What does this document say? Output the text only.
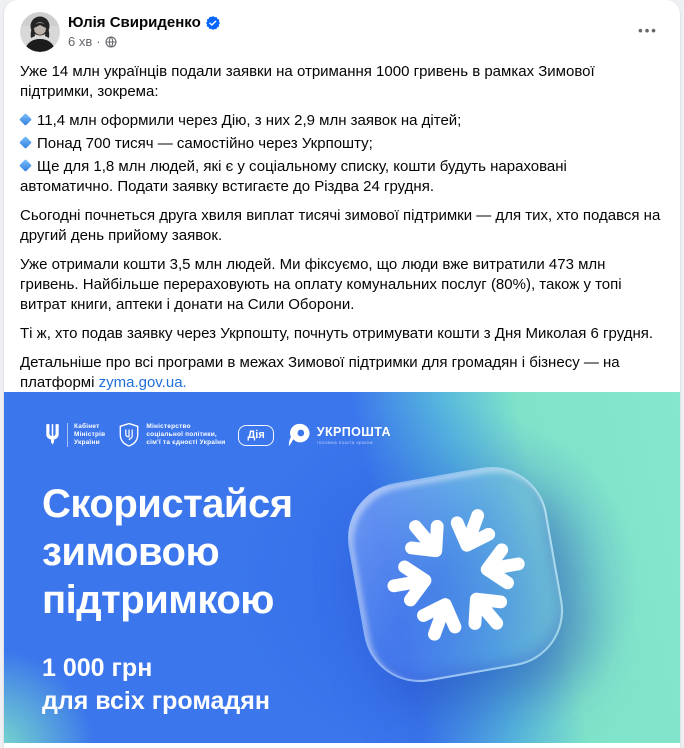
Юлія Свириденко
6 хв ·
•••

Уже 14 млн українців подали заявки на отримання 1000 гривень в рамках Зимової підтримки, зокрема:

11,4 млн оформили через Дію, з них 2,9 млн заявок на дітей;

Понад 700 тисяч — самостійно через Укрпошту;

Ще для 1,8 млн людей, які є у соціальному списку, кошти будуть нараховані автоматично. Подати заявку встигаєте до Різдва 24 грудня.

Сьогодні почнеться друга хвиля виплат тисячі зимової підтримки — для тих, хто подався на другий день прийому заявок.

Уже отримали кошти 3,5 млн людей. Ми фіксуємо, що люди вже витратили 473 млн гривень. Найбільше перераховують на оплату комунальних послуг (80%), також у топі витрат книги, аптеки і донати на Сили Оборони.

Ті ж, хто подав заявку через Укрпошту, почнуть отримувати кошти з Дня Миколая 6 грудня.

Детальніше про всі програми в межах Зимової підтримки для громадян і бізнесу — на платформі zyma.gov.ua.

Кабінет
Міністрів
України
Міністерство
соціальної політики,
сім'ї та єдності України
Дія	УКРПОШТА
головна пошта країни
Скористайся
зимовою
підтримкою
1 000 грн
для всіх громадян
